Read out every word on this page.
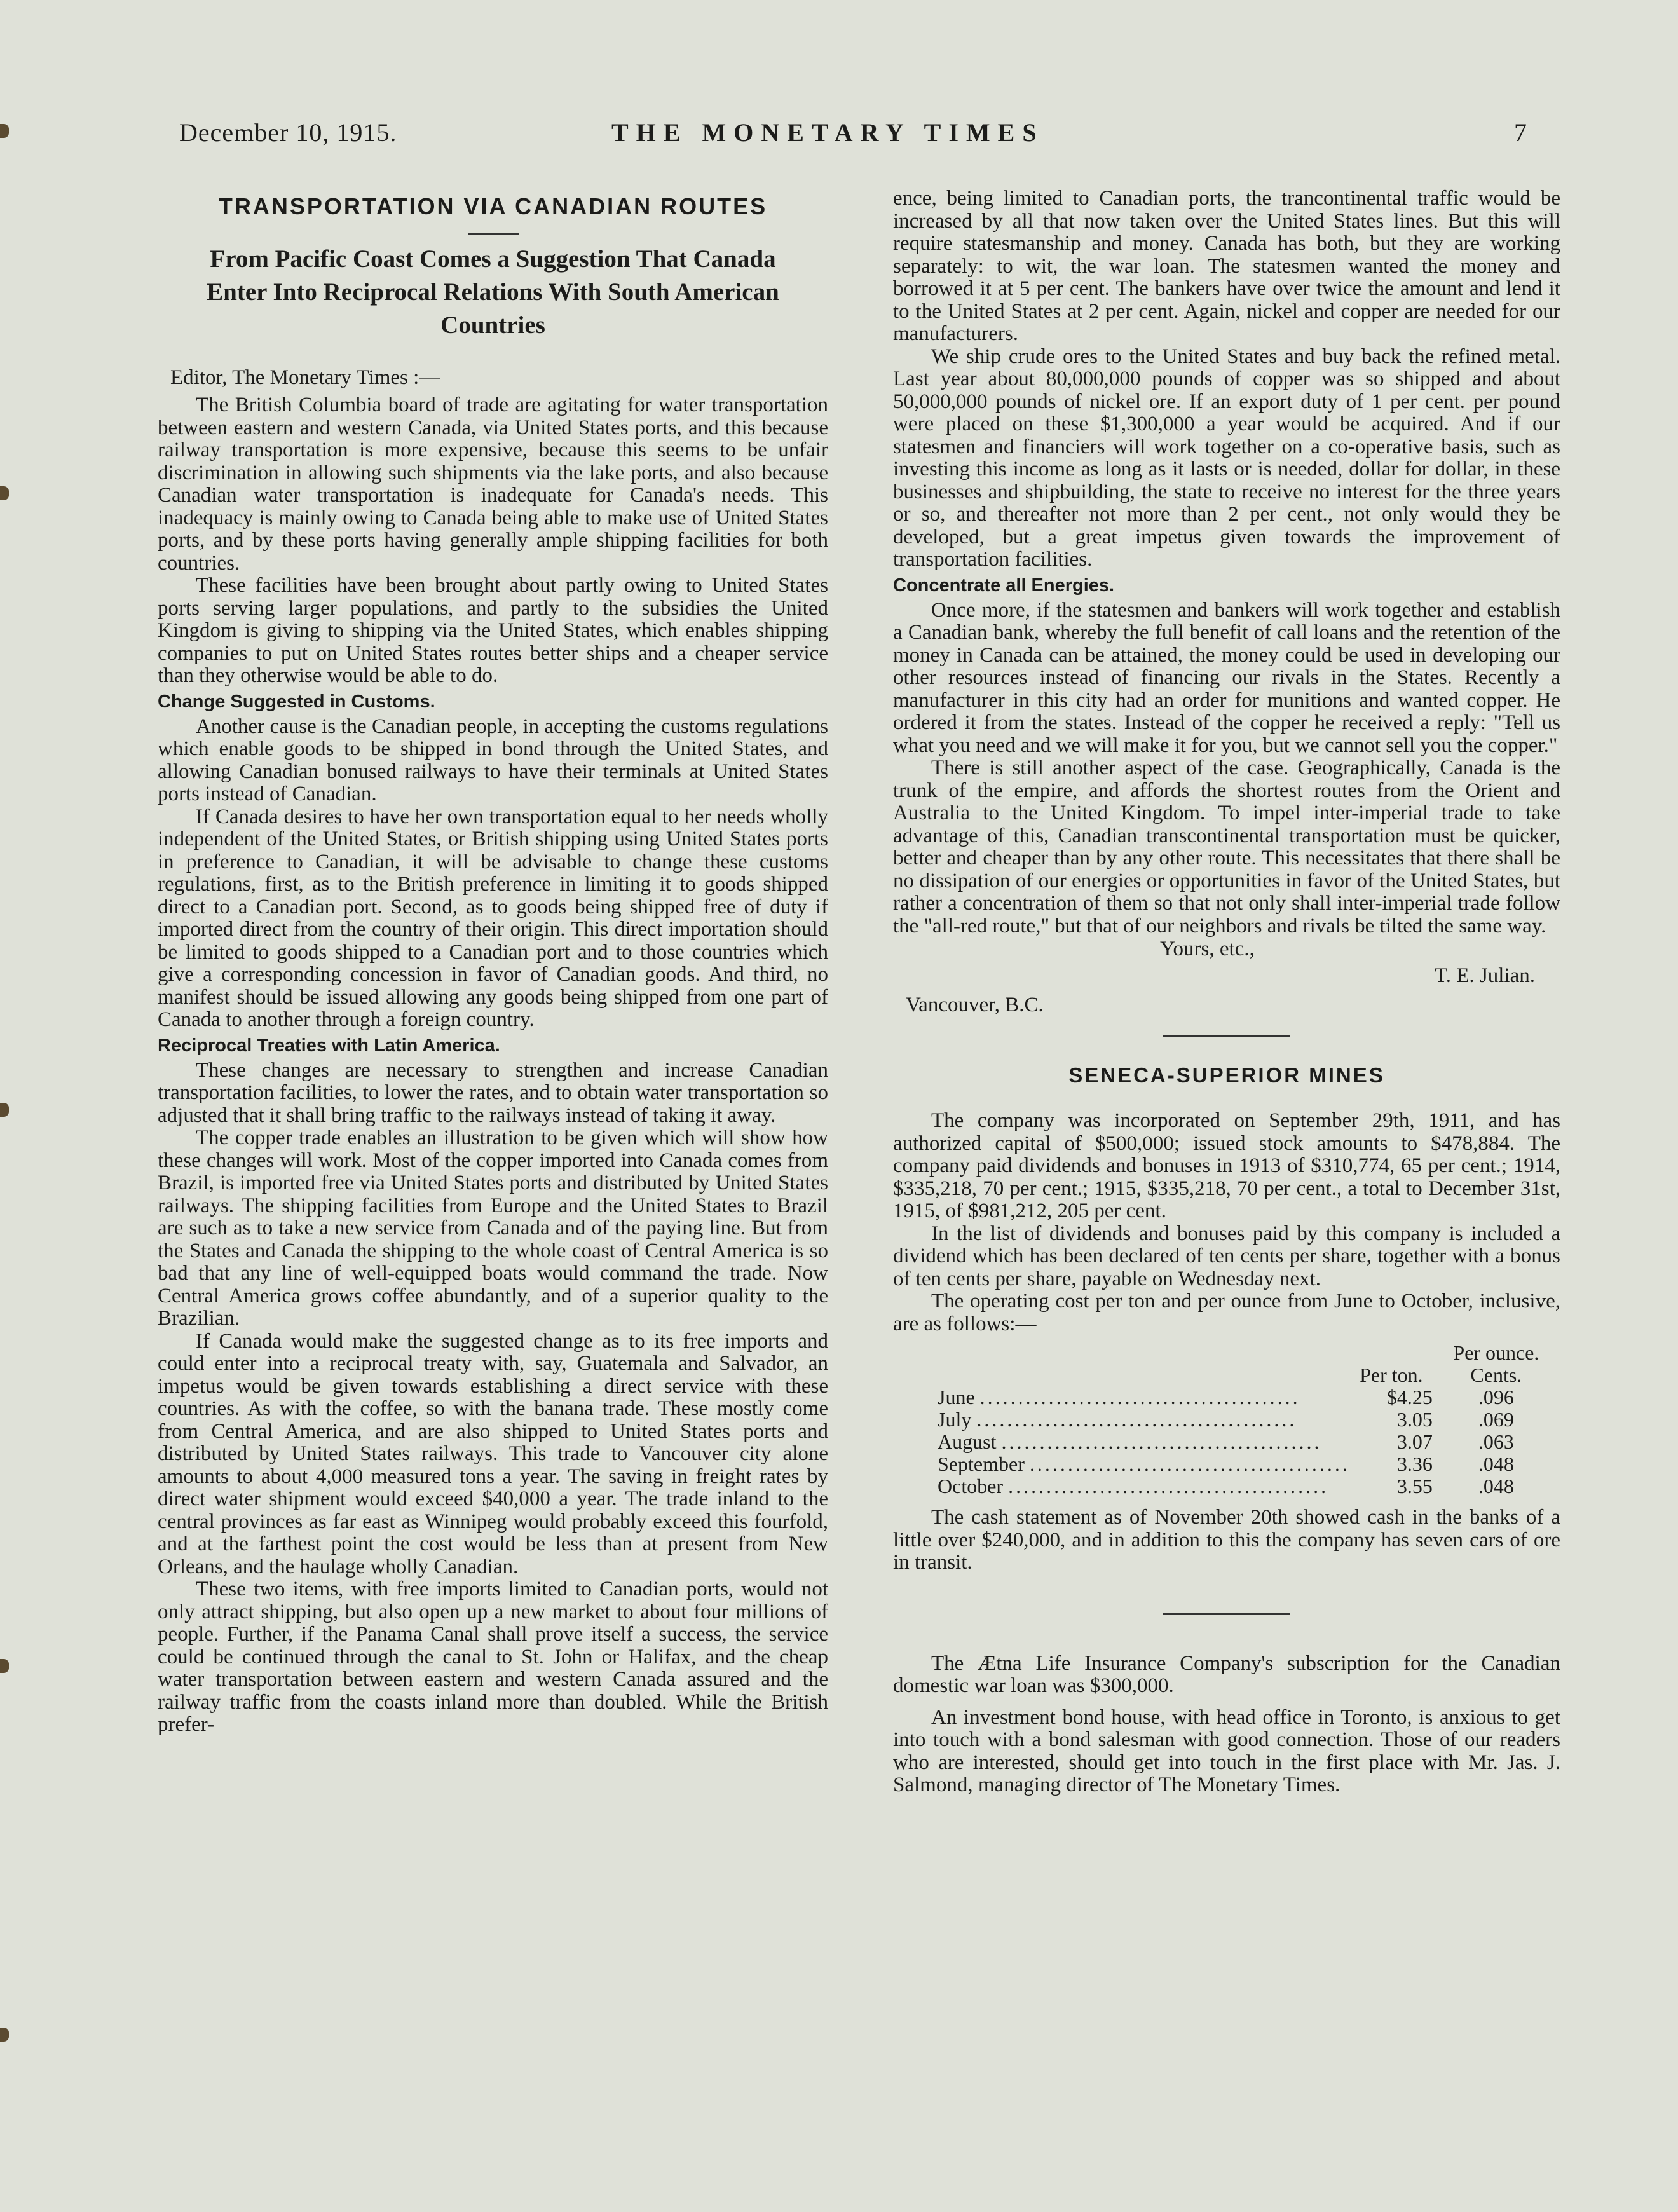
December 10, 1915.	THE MONETARY TIMES	7
TRANSPORTATION VIA CANADIAN ROUTES
From Pacific Coast Comes a Suggestion That Canada Enter Into Reciprocal Relations With South American Countries
Editor, The Monetary Times :—

The British Columbia board of trade are agitating for water transportation between eastern and western Canada, via United States ports, and this because railway transportation is more expensive, because this seems to be unfair discrimination in allowing such shipments via the lake ports, and also because Canadian water transportation is inadequate for Canada's needs. This inadequacy is mainly owing to Canada being able to make use of United States ports, and by these ports having generally ample shipping facilities for both countries.

These facilities have been brought about partly owing to United States ports serving larger populations, and partly to the subsidies the United Kingdom is giving to shipping via the United States, which enables shipping companies to put on United States routes better ships and a cheaper service than they otherwise would be able to do.

Change Suggested in Customs.

Another cause is the Canadian people, in accepting the customs regulations which enable goods to be shipped in bond through the United States, and allowing Canadian bonused railways to have their terminals at United States ports instead of Canadian.

If Canada desires to have her own transportation equal to her needs wholly independent of the United States, or British shipping using United States ports in preference to Canadian, it will be advisable to change these customs regulations, first, as to the British preference in limiting it to goods shipped direct to a Canadian port. Second, as to goods being shipped free of duty if imported direct from the country of their origin. This direct importation should be limited to goods shipped to a Canadian port and to those countries which give a corresponding concession in favor of Canadian goods. And third, no manifest should be issued allowing any goods being shipped from one part of Canada to another through a foreign country.

Reciprocal Treaties with Latin America.

These changes are necessary to strengthen and increase Canadian transportation facilities, to lower the rates, and to obtain water transportation so adjusted that it shall bring traffic to the railways instead of taking it away.

The copper trade enables an illustration to be given which will show how these changes will work. Most of the copper imported into Canada comes from Brazil, is imported free via United States ports and distributed by United States railways. The shipping facilities from Europe and the United States to Brazil are such as to take a new service from Canada and of the paying line. But from the States and Canada the shipping to the whole coast of Central America is so bad that any line of well-equipped boats would command the trade. Now Central America grows coffee abundantly, and of a superior quality to the Brazilian.

If Canada would make the suggested change as to its free imports and could enter into a reciprocal treaty with, say, Guatemala and Salvador, an impetus would be given towards establishing a direct service with these countries. As with the coffee, so with the banana trade. These mostly come from Central America, and are also shipped to United States ports and distributed by United States railways. This trade to Vancouver city alone amounts to about 4,000 measured tons a year. The saving in freight rates by direct water shipment would exceed $40,000 a year. The trade inland to the central provinces as far east as Winnipeg would probably exceed this fourfold, and at the farthest point the cost would be less than at present from New Orleans, and the haulage wholly Canadian.

These two items, with free imports limited to Canadian ports, would not only attract shipping, but also open up a new market to about four millions of people. Further, if the Panama Canal shall prove itself a success, the service could be continued through the canal to St. John or Halifax, and the cheap water transportation between eastern and western Canada assured and the railway traffic from the coasts inland more than doubled. While the British prefer-

ence, being limited to Canadian ports, the trancontinental traffic would be increased by all that now taken over the United States lines. But this will require statesmanship and money. Canada has both, but they are working separately: to wit, the war loan. The statesmen wanted the money and borrowed it at 5 per cent. The bankers have over twice the amount and lend it to the United States at 2 per cent. Again, nickel and copper are needed for our manufacturers.

We ship crude ores to the United States and buy back the refined metal. Last year about 80,000,000 pounds of copper was so shipped and about 50,000,000 pounds of nickel ore. If an export duty of 1 per cent. per pound were placed on these $1,300,000 a year would be acquired. And if our statesmen and financiers will work together on a co-operative basis, such as investing this income as long as it lasts or is needed, dollar for dollar, in these businesses and shipbuilding, the state to receive no interest for the three years or so, and thereafter not more than 2 per cent., not only would they be developed, but a great impetus given towards the improvement of transportation facilities.

Concentrate all Energies.

Once more, if the statesmen and bankers will work together and establish a Canadian bank, whereby the full benefit of call loans and the retention of the money in Canada can be attained, the money could be used in developing our other resources instead of financing our rivals in the States. Recently a manufacturer in this city had an order for munitions and wanted copper. He ordered it from the states. Instead of the copper he received a reply: "Tell us what you need and we will make it for you, but we cannot sell you the copper."

There is still another aspect of the case. Geographically, Canada is the trunk of the empire, and affords the shortest routes from the Orient and Australia to the United Kingdom. To impel inter-imperial trade to take advantage of this, Canadian transcontinental transportation must be quicker, better and cheaper than by any other route. This necessitates that there shall be no dissipation of our energies or opportunities in favor of the United States, but rather a concentration of them so that not only shall inter-imperial trade follow the "all-red route," but that of our neighbors and rivals be tilted the same way.

Yours, etc.,
T. E. Julian.
Vancouver, B.C.
SENECA-SUPERIOR MINES

The company was incorporated on September 29th, 1911, and has authorized capital of $500,000; issued stock amounts to $478,884. The company paid dividends and bonuses in 1913 of $310,774, 65 per cent.; 1914, $335,218, 70 per cent.; 1915, $335,218, 70 per cent., a total to December 31st, 1915, of $981,212, 205 per cent.

In the list of dividends and bonuses paid by this company is included a dividend which has been declared of ten cents per share, together with a bonus of ten cents per share, payable on Wednesday next.

The operating cost per ton and per ounce from June to October, inclusive, are as follows:—

		Per ounce.
	Per ton.	Cents.
June ..........................................	$4.25	.096
July ..........................................	3.05	.069
August ..........................................	3.07	.063
September ..........................................	3.36	.048
October ..........................................	3.55	.048

The cash statement as of November 20th showed cash in the banks of a little over $240,000, and in addition to this the company has seven cars of ore in transit.

The Ætna Life Insurance Company's subscription for the Canadian domestic war loan was $300,000.

An investment bond house, with head office in Toronto, is anxious to get into touch with a bond salesman with good connection. Those of our readers who are interested, should get into touch in the first place with Mr. Jas. J. Salmond, managing director of The Monetary Times.
